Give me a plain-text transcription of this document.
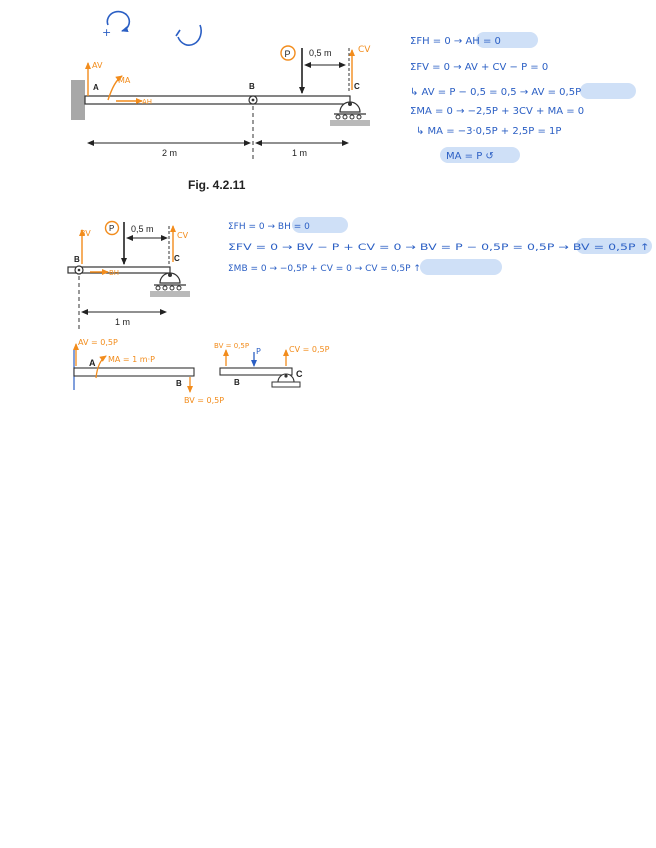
+
P 0,5 m	CV
AV
MA
AH
A	B	C
2 m	1 m
Fig. 4.2.11
ΣFH = 0 → AH = 0
ΣFV = 0 → AV + CV − P = 0
↳ AV = P − 0,5 = 0,5 → AV = 0,5P
ΣMA = 0 → −2,5P + 3CV + MA = 0
↳ MA = −3·0,5P + 2,5P = 1P
MA = P ↺
P 0,5 m
CV
BV
BH
B	C
1 m
ΣFH = 0 → BH = 0
ΣFV = 0 → BV − P + CV = 0 → BV = P − 0,5P = 0,5P →	BV = 0,5P ↑
ΣMB = 0 → −0,5P + CV = 0 → CV = 0,5P ↑
AV = 0,5P
MA = 1 m·P
A
B
BV = 0,5P
BV = 0,5P
P	CV = 0,5P
B
C
